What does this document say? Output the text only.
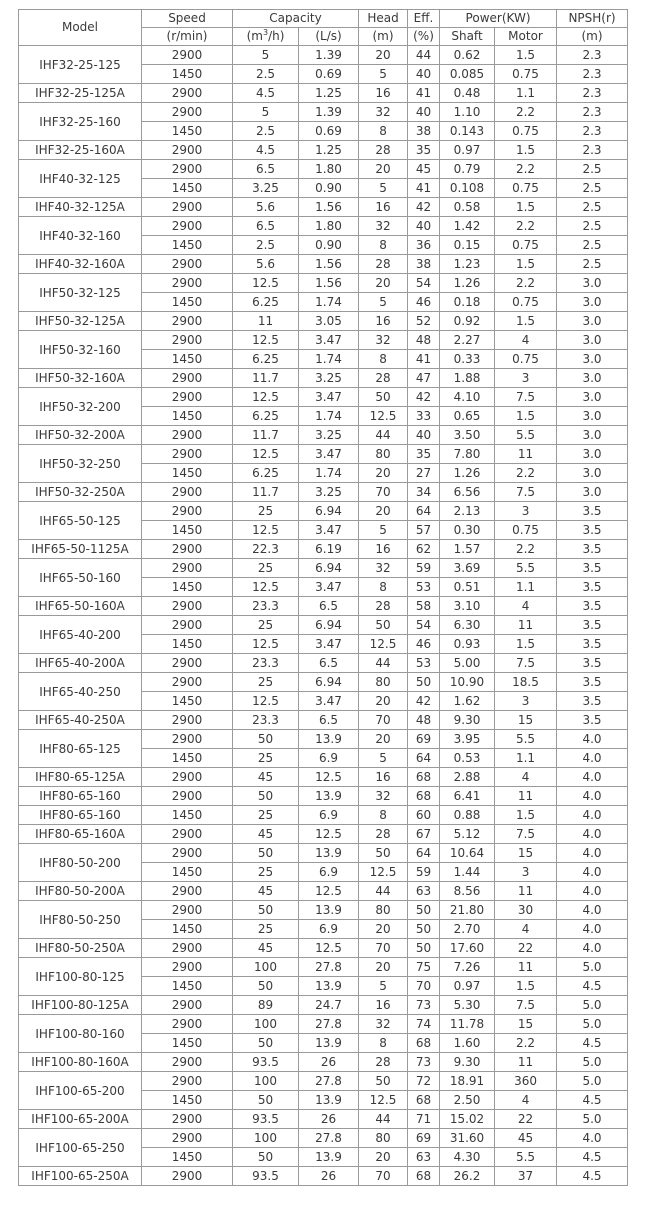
Model	Speed	Capacity		Head	Eff.	Power(KW)		NPSH(r)
	(r/min)	$(m^3/h)$	(L/s)	(m)	(%)	Shaft	Motor	(m)
IHF32-25-125	2900	5	1.39	20	44	0.62	1.5	2.3
	1450	2.5	0.69	5	40	0.085	0.75	2.3
IHF32-25-125A	2900	4.5	1.25	16	41	0.48	1.1	2.3
IHF32-25-160	2900	5	1.39	32	40	1.10	2.2	2.3
	1450	2.5	0.69	8	38	0.143	0.75	2.3
IHF32-25-160A	2900	4.5	1.25	28	35	0.97	1.5	2.3
IHF40-32-125	2900	6.5	1.80	20	45	0.79	2.2	2.5
	1450	3.25	0.90	5	41	0.108	0.75	2.5
IHF40-32-125A	2900	5.6	1.56	16	42	0.58	1.5	2.5
IHF40-32-160	2900	6.5	1.80	32	40	1.42	2.2	2.5
	1450	2.5	0.90	8	36	0.15	0.75	2.5
IHF40-32-160A	2900	5.6	1.56	28	38	1.23	1.5	2.5
IHF50-32-125	2900	12.5	1.56	20	54	1.26	2.2	3.0
	1450	6.25	1.74	5	46	0.18	0.75	3.0
IHF50-32-125A	2900	11	3.05	16	52	0.92	1.5	3.0
IHF50-32-160	2900	12.5	3.47	32	48	2.27	4	3.0
	1450	6.25	1.74	8	41	0.33	0.75	3.0
IHF50-32-160A	2900	11.7	3.25	28	47	1.88	3	3.0
IHF50-32-200	2900	12.5	3.47	50	42	4.10	7.5	3.0
	1450	6.25	1.74	12.5	33	0.65	1.5	3.0
IHF50-32-200A	2900	11.7	3.25	44	40	3.50	5.5	3.0
IHF50-32-250	2900	12.5	3.47	80	35	7.80	11	3.0
	1450	6.25	1.74	20	27	1.26	2.2	3.0
IHF50-32-250A	2900	11.7	3.25	70	34	6.56	7.5	3.0
IHF65-50-125	2900	25	6.94	20	64	2.13	3	3.5
	1450	12.5	3.47	5	57	0.30	0.75	3.5
IHF65-50-1125A	2900	22.3	6.19	16	62	1.57	2.2	3.5
IHF65-50-160	2900	25	6.94	32	59	3.69	5.5	3.5
	1450	12.5	3.47	8	53	0.51	1.1	3.5
IHF65-50-160A	2900	23.3	6.5	28	58	3.10	4	3.5
IHF65-40-200	2900	25	6.94	50	54	6.30	11	3.5
	1450	12.5	3.47	12.5	46	0.93	1.5	3.5
IHF65-40-200A	2900	23.3	6.5	44	53	5.00	7.5	3.5
IHF65-40-250	2900	25	6.94	80	50	10.90	18.5	3.5
	1450	12.5	3.47	20	42	1.62	3	3.5
IHF65-40-250A	2900	23.3	6.5	70	48	9.30	15	3.5
IHF80-65-125	2900	50	13.9	20	69	3.95	5.5	4.0
	1450	25	6.9	5	64	0.53	1.1	4.0
IHF80-65-125A	2900	45	12.5	16	68	2.88	4	4.0
IHF80-65-160	2900	50	13.9	32	68	6.41	11	4.0
IHF80-65-160	1450	25	6.9	8	60	0.88	1.5	4.0
IHF80-65-160A	2900	45	12.5	28	67	5.12	7.5	4.0
IHF80-50-200	2900	50	13.9	50	64	10.64	15	4.0
	1450	25	6.9	12.5	59	1.44	3	4.0
IHF80-50-200A	2900	45	12.5	44	63	8.56	11	4.0
IHF80-50-250	2900	50	13.9	80	50	21.80	30	4.0
	1450	25	6.9	20	50	2.70	4	4.0
IHF80-50-250A	2900	45	12.5	70	50	17.60	22	4.0
IHF100-80-125	2900	100	27.8	20	75	7.26	11	5.0
	1450	50	13.9	5	70	0.97	1.5	4.5
IHF100-80-125A	2900	89	24.7	16	73	5.30	7.5	5.0
IHF100-80-160	2900	100	27.8	32	74	11.78	15	5.0
	1450	50	13.9	8	68	1.60	2.2	4.5
IHF100-80-160A	2900	93.5	26	28	73	9.30	11	5.0
IHF100-65-200	2900	100	27.8	50	72	18.91	360	5.0
	1450	50	13.9	12.5	68	2.50	4	4.5
IHF100-65-200A	2900	93.5	26	44	71	15.02	22	5.0
IHF100-65-250	2900	100	27.8	80	69	31.60	45	4.0
	1450	50	13.9	20	63	4.30	5.5	4.5
IHF100-65-250A	2900	93.5	26	70	68	26.2	37	4.5
